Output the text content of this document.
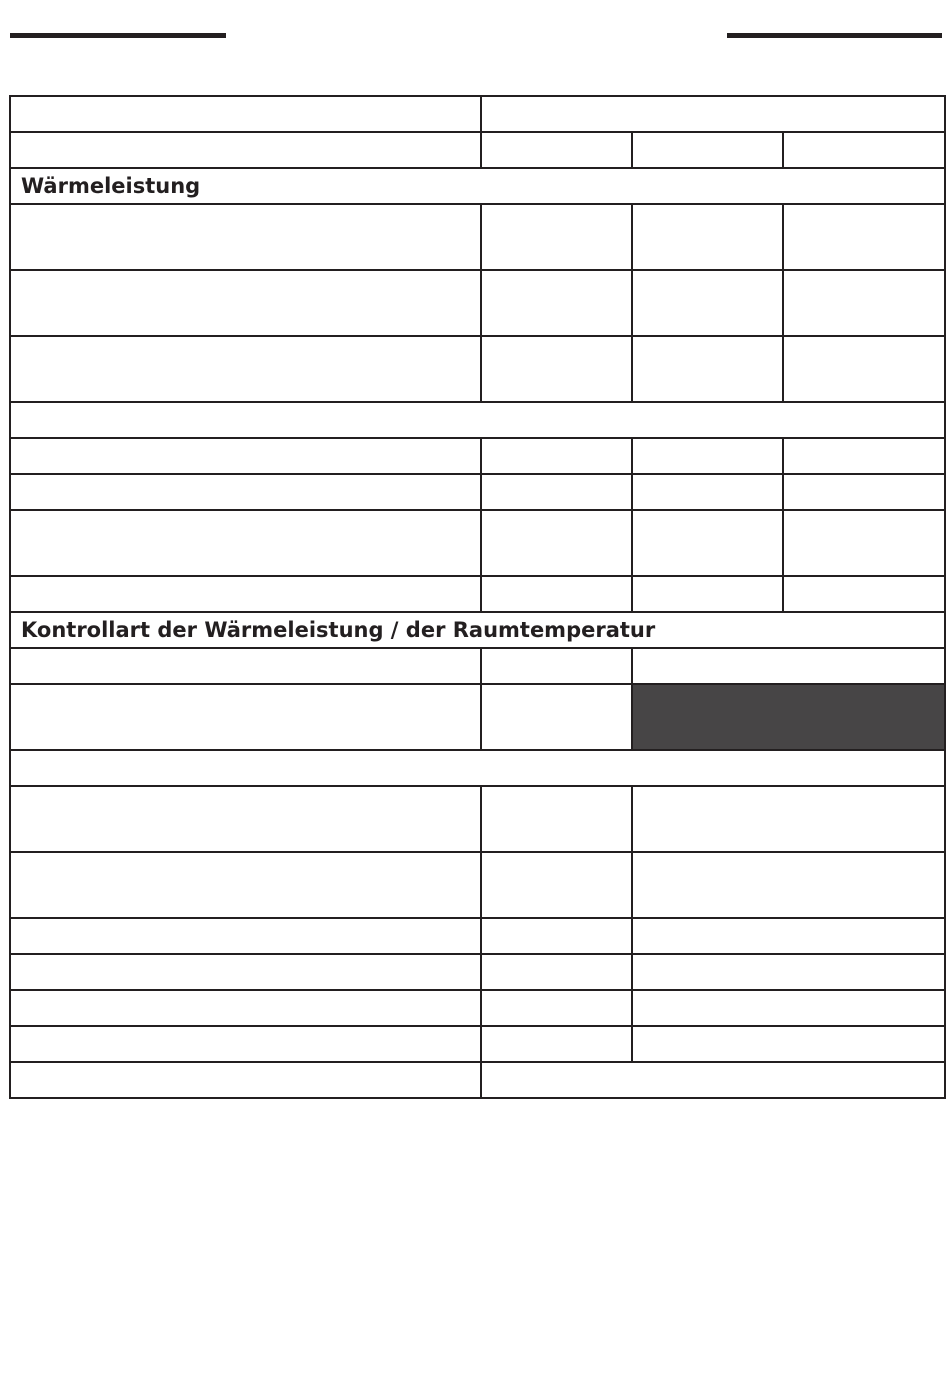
Wärmeleistung			

Kontrollart der Wärmeleistung / der Raumtemperatur			
